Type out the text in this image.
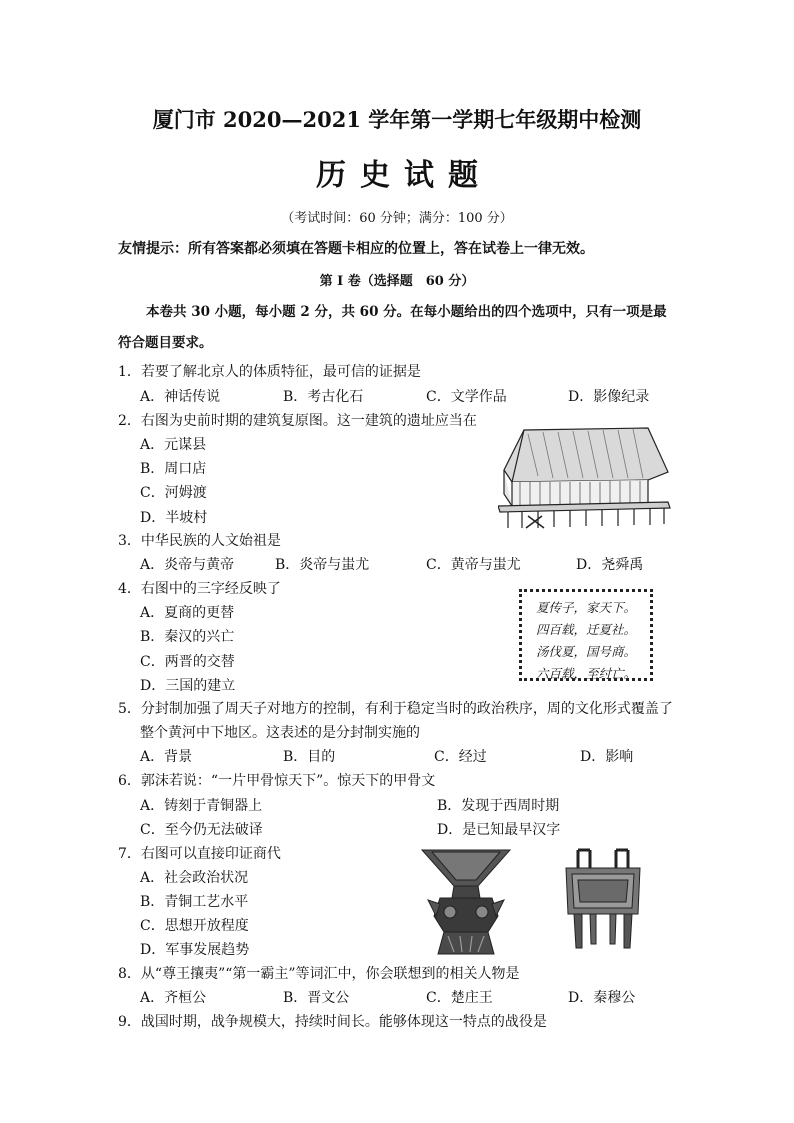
厦门市 2020—2021 学年第一学期七年级期中检测
历史试题
（考试时间：60 分钟；满分：100 分）
友情提示：所有答案都必须填在答题卡相应的位置上，答在试卷上一律无效。
第 Ⅰ 卷（选择题　60 分）
本卷共 30 小题，每小题 2 分，共 60 分。在每小题给出的四个选项中，只有一项是最
符合题目要求。
1．若要了解北京人的体质特征，最可信的证据是
A．神话传说	B．考古化石	C．文学作品	D．影像纪录
2．右图为史前时期的建筑复原图。这一建筑的遗址应当在
A．元谋县
B．周口店
C．河姆渡
D．半坡村
3．中华民族的人文始祖是
A．炎帝与黄帝	B．炎帝与蚩尤	C．黄帝与蚩尤	D．尧舜禹
4．右图中的三字经反映了
A．夏商的更替
B．秦汉的兴亡
C．两晋的交替
D．三国的建立
夏传子，家天下。
四百载，迁夏社。
汤伐夏，国号商。
六百载，至纣亡。
5．分封制加强了周天子对地方的控制，有利于稳定当时的政治秩序，周的文化形式覆盖了
整个黄河中下地区。这表述的是分封制实施的
A．背景	B．目的	C．经过	D．影响
6．郭沫若说：“一片甲骨惊天下”。惊天下的甲骨文
A．铸刻于青铜器上	B．发现于西周时期
C．至今仍无法破译	D．是已知最早汉字
7．右图可以直接印证商代
A．社会政治状况
B．青铜工艺水平
C．思想开放程度
D．军事发展趋势
8．从“尊王攘夷”“第一霸主”等词汇中，你会联想到的相关人物是
A．齐桓公	B．晋文公	C．楚庄王	D．秦穆公
9．战国时期，战争规模大，持续时间长。能够体现这一特点的战役是
